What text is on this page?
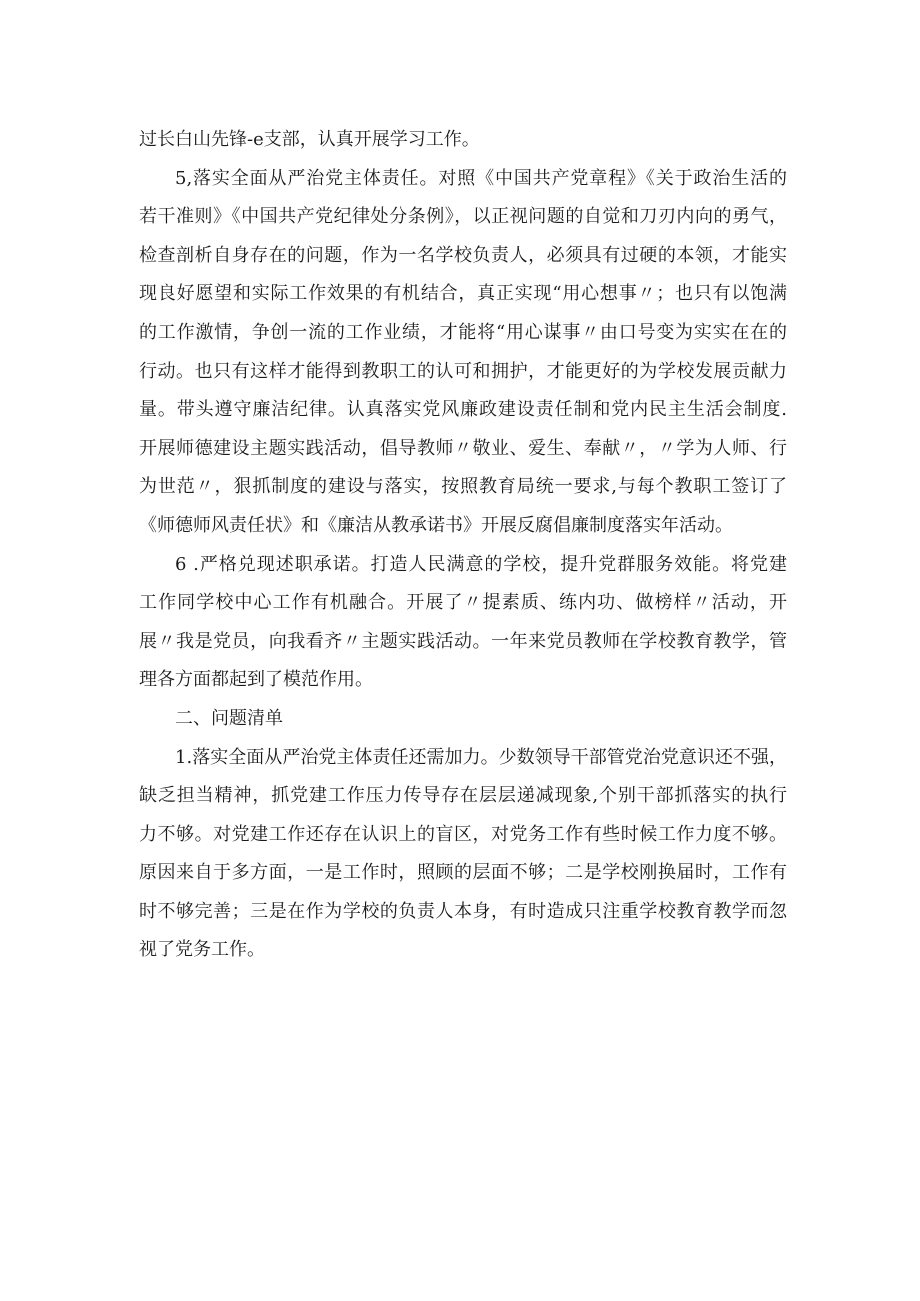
过长白山先锋-e支部，认真开展学习工作。
5,落实全面从严治党主体责任。对照《中国共产党章程》《关于政治生活的
若干准则》《中国共产党纪律处分条例》，以正视问题的自觉和刀刃内向的勇气，
检查剖析自身存在的问题，作为一名学校负责人，必须具有过硬的本领，才能实
现良好愿望和实际工作效果的有机结合，真正实现“用心想事〃；也只有以饱满
的工作激情，争创一流的工作业绩，才能将“用心谋事〃由口号变为实实在在的
行动。也只有这样才能得到教职工的认可和拥护，才能更好的为学校发展贡献力
量。带头遵守廉洁纪律。认真落实党风廉政建设责任制和党内民主生活会制度.
开展师德建设主题实践活动，倡导教师〃敬业、爱生、奉献〃，〃学为人师、行
为世范〃，狠抓制度的建设与落实，按照教育局统一要求,与每个教职工签订了
《师德师风责任状》和《廉洁从教承诺书》开展反腐倡廉制度落实年活动。
6 .严格兑现述职承诺。打造人民满意的学校，提升党群服务效能。将党建
工作同学校中心工作有机融合。开展了〃提素质、练内功、做榜样〃活动，开
展〃我是党员，向我看齐〃主题实践活动。一年来党员教师在学校教育教学，管
理各方面都起到了模范作用。
二、问题清单
1.落实全面从严治党主体责任还需加力。少数领导干部管党治党意识还不强，
缺乏担当精神，抓党建工作压力传导存在层层递减现象,个别干部抓落实的执行
力不够。对党建工作还存在认识上的盲区，对党务工作有些时候工作力度不够。
原因来自于多方面，一是工作时，照顾的层面不够；二是学校刚换届时，工作有
时不够完善；三是在作为学校的负责人本身，有时造成只注重学校教育教学而忽
视了党务工作。
